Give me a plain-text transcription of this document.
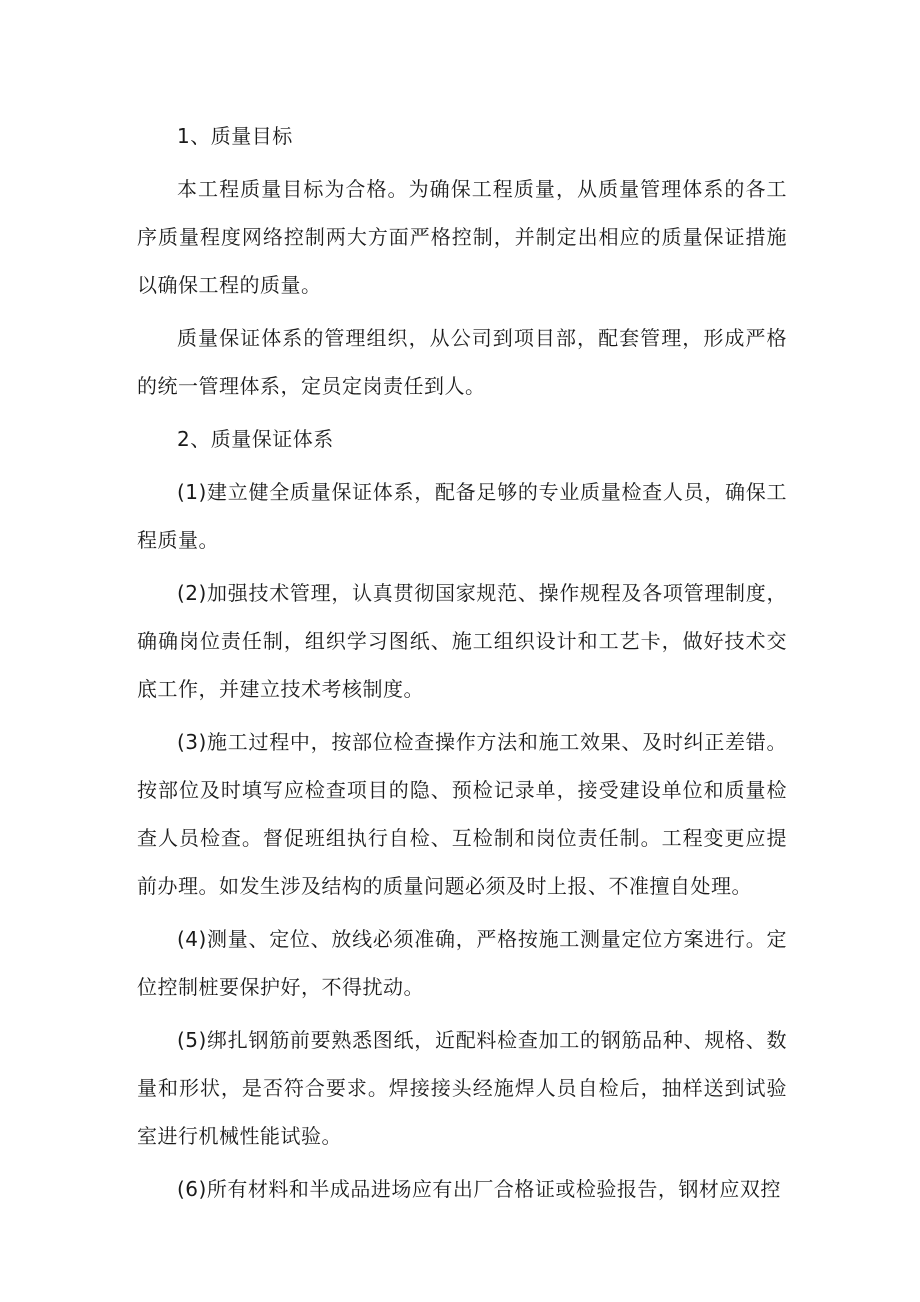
1、质量目标

本工程质量目标为合格。为确保工程质量，从质量管理体系的各工序质量程度网络控制两大方面严格控制，并制定出相应的质量保证措施以确保工程的质量。

质量保证体系的管理组织，从公司到项目部，配套管理，形成严格的统一管理体系，定员定岗责任到人。

2、质量保证体系

(1)建立健全质量保证体系，配备足够的专业质量检查人员，确保工程质量。

(2)加强技术管理，认真贯彻国家规范、操作规程及各项管理制度，确确岗位责任制，组织学习图纸、施工组织设计和工艺卡，做好技术交底工作，并建立技术考核制度。

(3)施工过程中，按部位检查操作方法和施工效果、及时纠正差错。按部位及时填写应检查项目的隐、预检记录单，接受建设单位和质量检查人员检查。督促班组执行自检、互检制和岗位责任制。工程变更应提前办理。如发生涉及结构的质量问题必须及时上报、不准擅自处理。

(4)测量、定位、放线必须准确，严格按施工测量定位方案进行。定位控制桩要保护好，不得扰动。

(5)绑扎钢筋前要熟悉图纸，近配料检查加工的钢筋品种、规格、数量和形状，是否符合要求。焊接接头经施焊人员自检后，抽样送到试验室进行机械性能试验。

(6)所有材料和半成品进场应有出厂合格证或检验报告，钢材应双控
